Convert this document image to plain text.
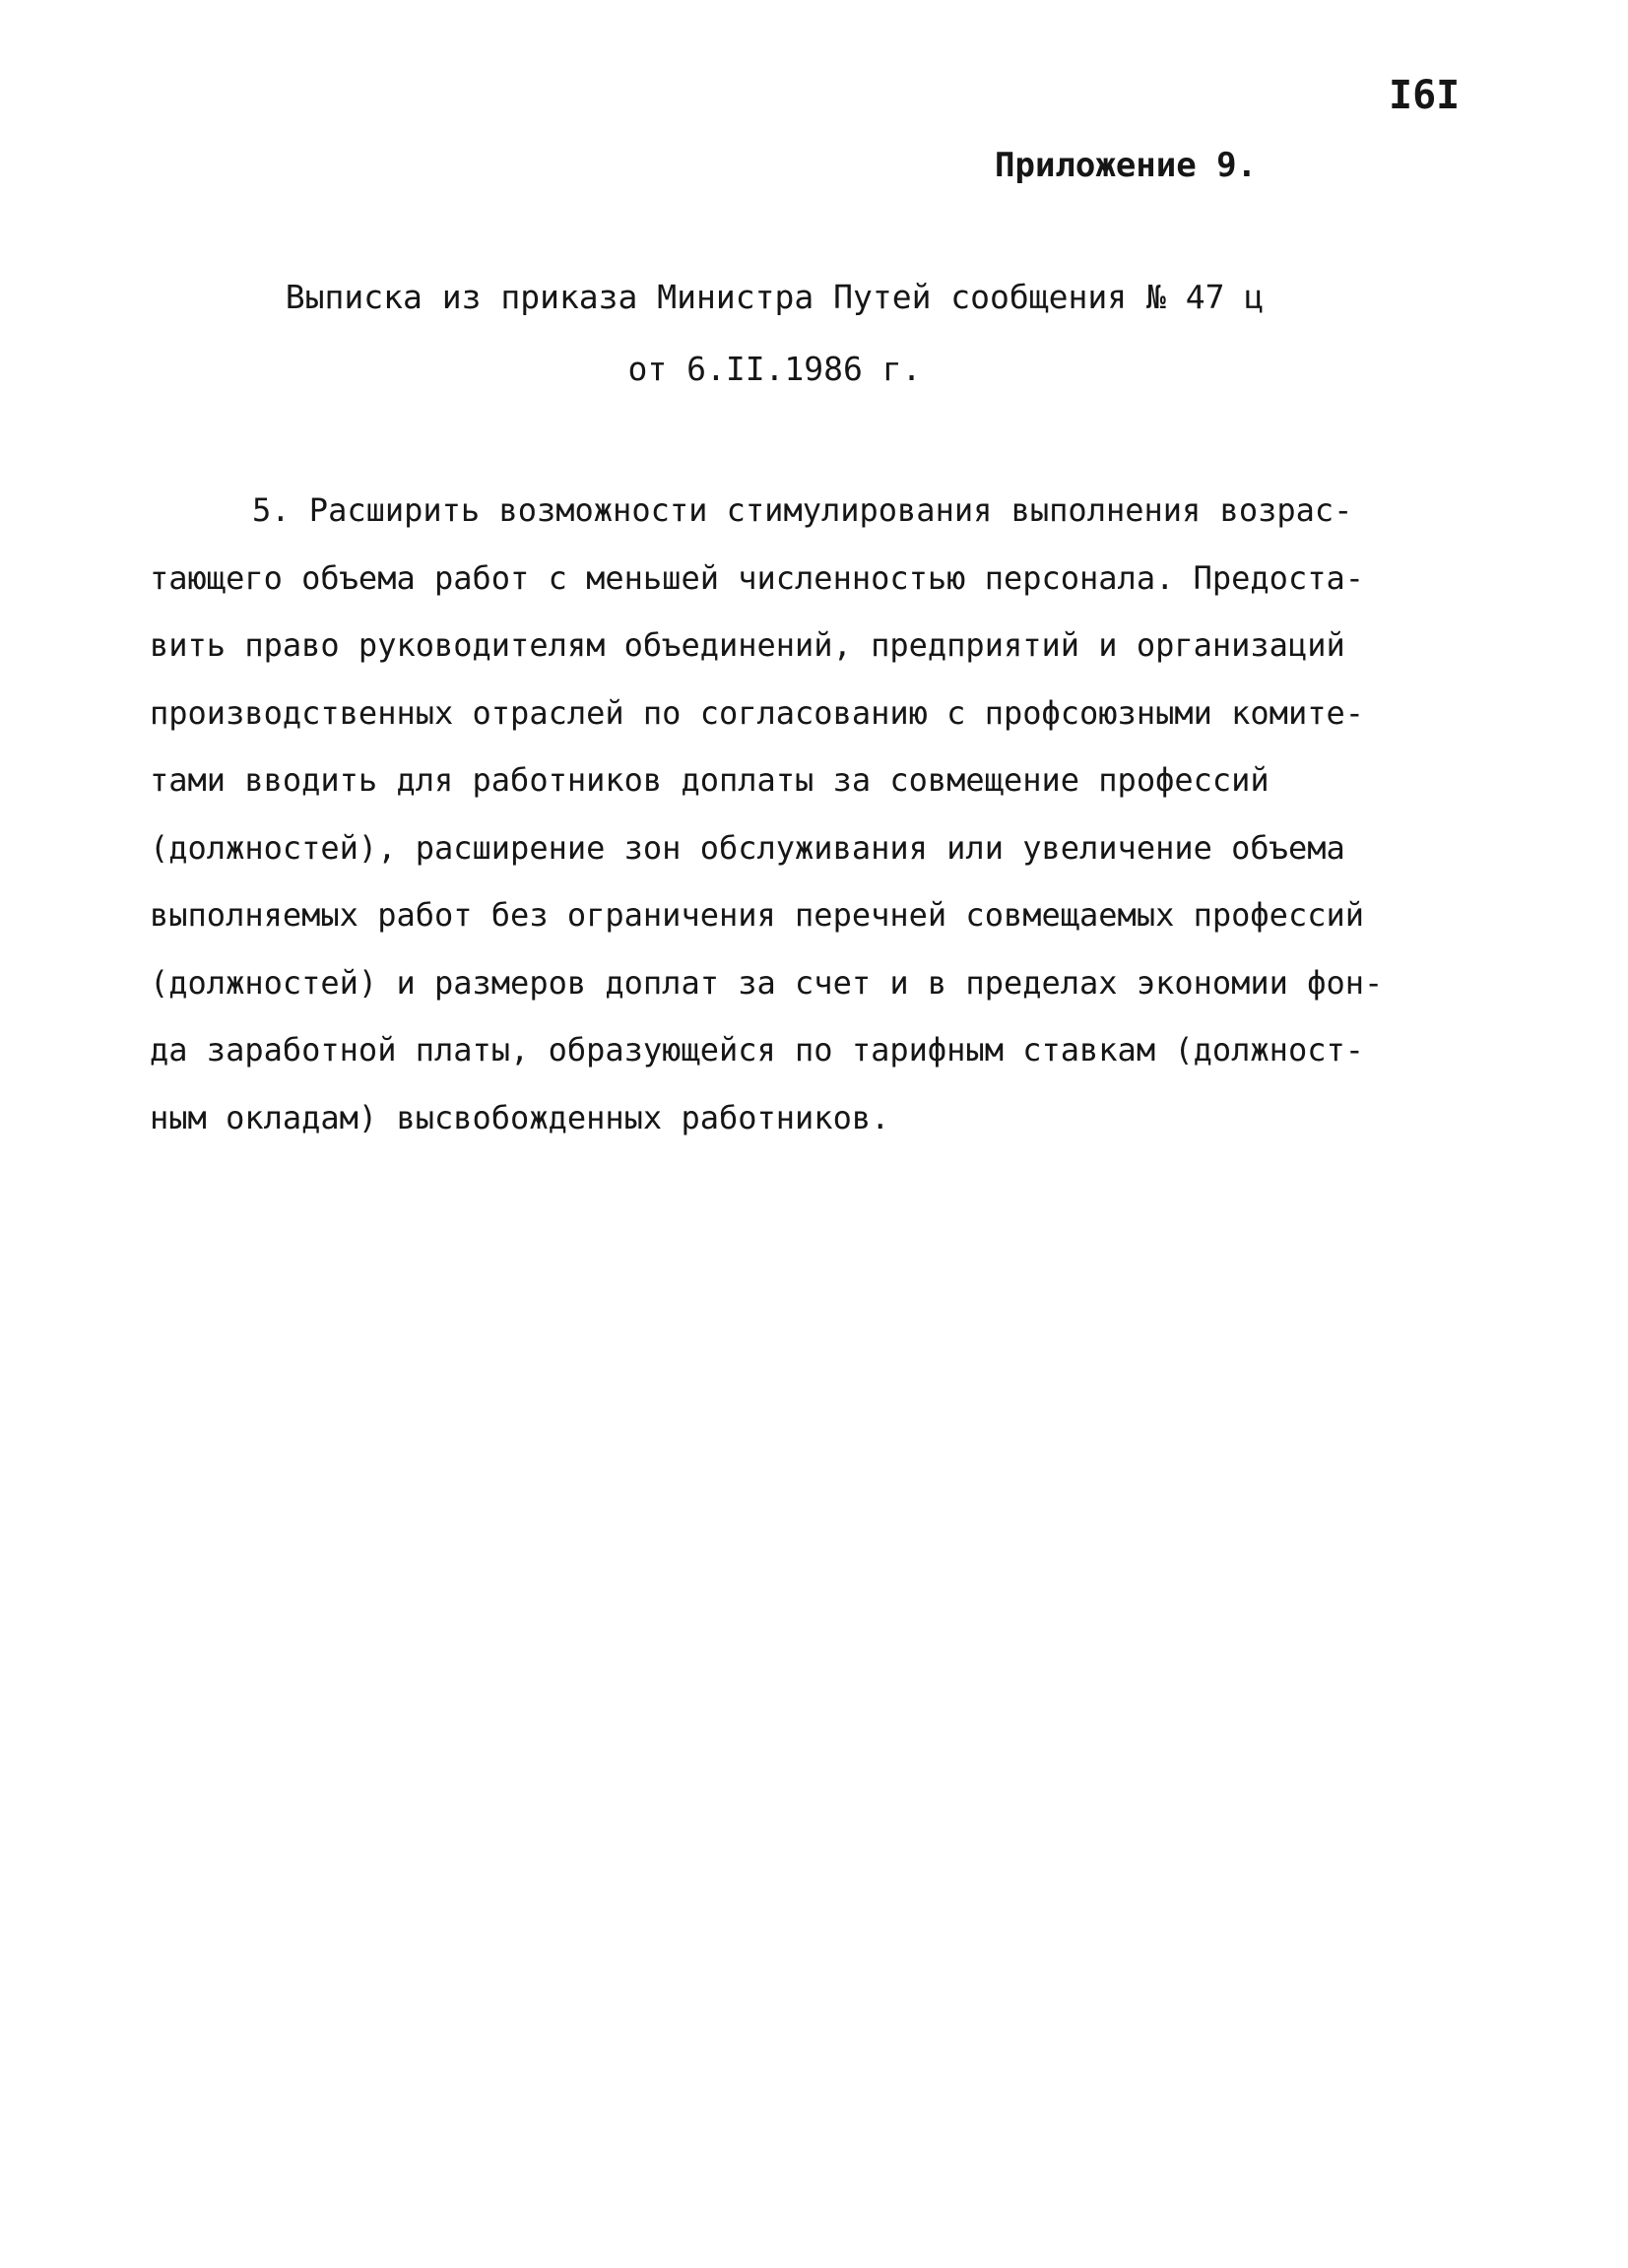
I6I
Приложение 9.
Выписка из приказа Министра Путей сообщения № 47 ц
от 6.II.1986 г.
5. Расширить возможности стимулирования выполнения возрас-
тающего объема работ с меньшей численностью персонала. Предоста-
вить право руководителям объединений, предприятий и организаций
производственных отраслей по согласованию с профсоюзными комите-
тами вводить для работников доплаты за совмещение профессий
(должностей), расширение зон обслуживания или увеличение объема
выполняемых работ без ограничения перечней совмещаемых профессий
(должностей) и размеров доплат за счет и в пределах экономии фон-
да заработной платы, образующейся по тарифным ставкам (должност-
ным окладам) высвобожденных работников.
